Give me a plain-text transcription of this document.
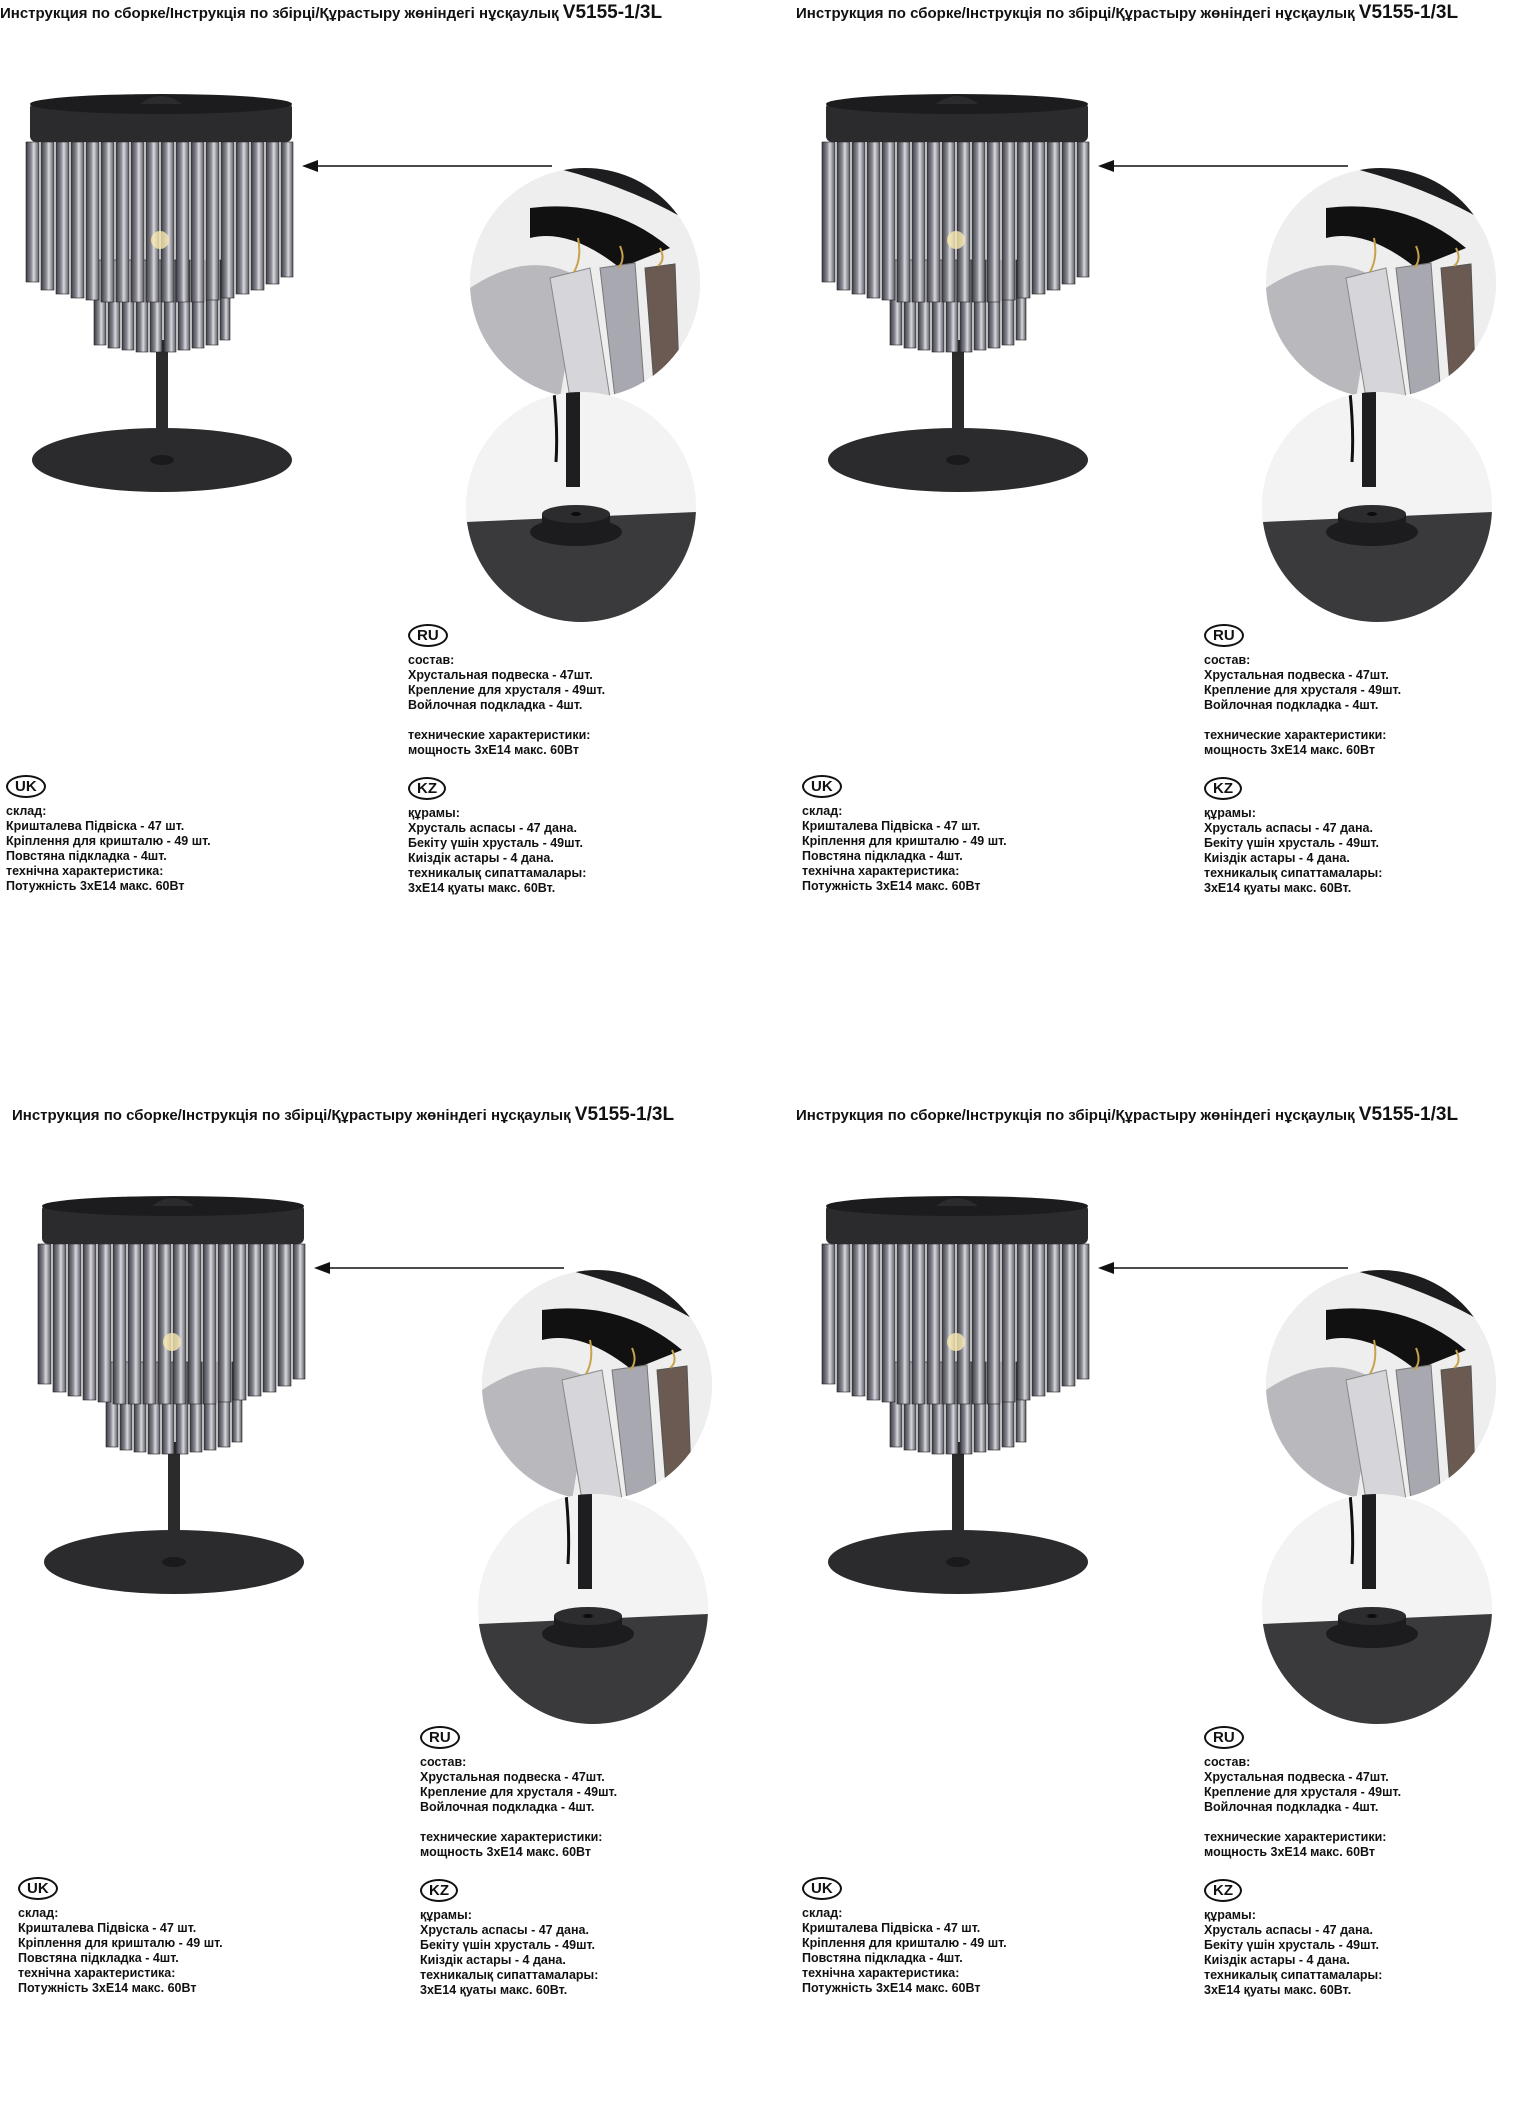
Инструкция по сборке/Інструкція по збірці/Құрастыру жөніндегі нұсқаулық V5155-1/3L
RU
состав:
Хрустальная подвеска - 47шт.
Крепление для хрусталя - 49шт.
Войлочная подкладка - 4шт.
технические характеристики:
мощность 3хЕ14 макс. 60Вт
UK
склад:
Кришталева Підвіска - 47 шт.
Кріплення для кришталю - 49 шт.
Повстяна підкладка - 4шт.
технічна характеристика:
Потужність 3хЕ14 макс. 60Вт
KZ
құрамы:
Хрусталь аспасы - 47 дана.
Бекіту үшін хрусталь - 49шт.
Киіздік астары - 4 дана.
техникалық сипаттамалары:
3хЕ14 қуаты макс. 60Вт.
Инструкция по сборке/Інструкція по збірці/Құрастыру жөніндегі нұсқаулық V5155-1/3L
RU
состав:
Хрустальная подвеска - 47шт.
Крепление для хрусталя - 49шт.
Войлочная подкладка - 4шт.
технические характеристики:
мощность 3хЕ14 макс. 60Вт
UK
склад:
Кришталева Підвіска - 47 шт.
Кріплення для кришталю - 49 шт.
Повстяна підкладка - 4шт.
технічна характеристика:
Потужність 3хЕ14 макс. 60Вт
KZ
құрамы:
Хрусталь аспасы - 47 дана.
Бекіту үшін хрусталь - 49шт.
Киіздік астары - 4 дана.
техникалық сипаттамалары:
3хЕ14 қуаты макс. 60Вт.
Инструкция по сборке/Інструкція по збірці/Құрастыру жөніндегі нұсқаулық V5155-1/3L
RU
состав:
Хрустальная подвеска - 47шт.
Крепление для хрусталя - 49шт.
Войлочная подкладка - 4шт.
технические характеристики:
мощность 3хЕ14 макс. 60Вт
UK
склад:
Кришталева Підвіска - 47 шт.
Кріплення для кришталю - 49 шт.
Повстяна підкладка - 4шт.
технічна характеристика:
Потужність 3хЕ14 макс. 60Вт
KZ
құрамы:
Хрусталь аспасы - 47 дана.
Бекіту үшін хрусталь - 49шт.
Киіздік астары - 4 дана.
техникалық сипаттамалары:
3хЕ14 қуаты макс. 60Вт.
Инструкция по сборке/Інструкція по збірці/Құрастыру жөніндегі нұсқаулық V5155-1/3L
RU
состав:
Хрустальная подвеска - 47шт.
Крепление для хрусталя - 49шт.
Войлочная подкладка - 4шт.
технические характеристики:
мощность 3хЕ14 макс. 60Вт
UK
склад:
Кришталева Підвіска - 47 шт.
Кріплення для кришталю - 49 шт.
Повстяна підкладка - 4шт.
технічна характеристика:
Потужність 3хЕ14 макс. 60Вт
KZ
құрамы:
Хрусталь аспасы - 47 дана.
Бекіту үшін хрусталь - 49шт.
Киіздік астары - 4 дана.
техникалық сипаттамалары:
3хЕ14 қуаты макс. 60Вт.
